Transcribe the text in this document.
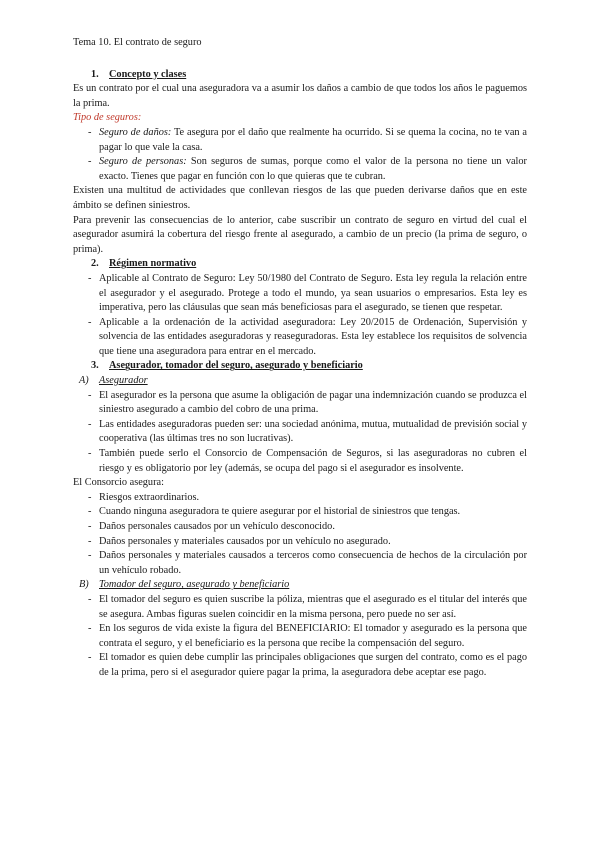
Tema 10. El contrato de seguro

1. Concepto y clases

Es un contrato por el cual una aseguradora va a asumir los daños a cambio de que todos los años le paguemos la prima.

Tipo de seguros:

- Seguro de daños: Te asegura por el daño que realmente ha ocurrido. Si se quema la cocina, no te van a pagar lo que vale la casa.
- Seguro de personas: Son seguros de sumas, porque como el valor de la persona no tiene un valor exacto. Tienes que pagar en función con lo que quieras que te cubran.

Existen una multitud de actividades que conllevan riesgos de las que pueden derivarse daños que en este ámbito se definen siniestros.

Para prevenir las consecuencias de lo anterior, cabe suscribir un contrato de seguro en virtud del cual el asegurador asumirá la cobertura del riesgo frente al asegurado, a cambio de un precio (la prima de seguro, o prima).

2. Régimen normativo

- Aplicable al Contrato de Seguro: Ley 50/1980 del Contrato de Seguro. Esta ley regula la relación entre el asegurador y el asegurado. Protege a todo el mundo, ya sean usuarios o empresarios. Esta ley es imperativa, pero las cláusulas que sean más beneficiosas para el asegurado, se tienen que respetar.
- Aplicable a la ordenación de la actividad aseguradora: Ley 20/2015 de Ordenación, Supervisión y solvencia de las entidades aseguradoras y reaseguradoras. Esta ley establece los requisitos de solvencia que tiene una aseguradora para entrar en el mercado.

3. Asegurador, tomador del seguro, asegurado y beneficiario

A) Asegurador

- El asegurador es la persona que asume la obligación de pagar una indemnización cuando se produzca el siniestro asegurado a cambio del cobro de una prima.
- Las entidades aseguradoras pueden ser: una sociedad anónima, mutua, mutualidad de previsión social y cooperativa (las últimas tres no son lucrativas).
- También puede serlo el Consorcio de Compensación de Seguros, si las aseguradoras no cubren el riesgo y es obligatorio por ley (además, se ocupa del pago si el asegurador es insolvente.

El Consorcio asegura:

- Riesgos extraordinarios.
- Cuando ninguna aseguradora te quiere asegurar por el historial de siniestros que tengas.
- Daños personales causados por un vehículo desconocido.
- Daños personales y materiales causados por un vehículo no asegurado.
- Daños personales y materiales causados a terceros como consecuencia de hechos de la circulación por un vehículo robado.

B) Tomador del seguro, asegurado y beneficiario

- El tomador del seguro es quien suscribe la póliza, mientras que el asegurado es el titular del interés que se asegura. Ambas figuras suelen coincidir en la misma persona, pero puede no ser así.
- En los seguros de vida existe la figura del BENEFICIARIO: El tomador y asegurado es la persona que contrata el seguro, y el beneficiario es la persona que recibe la compensación del seguro.
- El tomador es quien debe cumplir las principales obligaciones que surgen del contrato, como es el pago de la prima, pero si el asegurador quiere pagar la prima, la aseguradora debe aceptar ese pago.
